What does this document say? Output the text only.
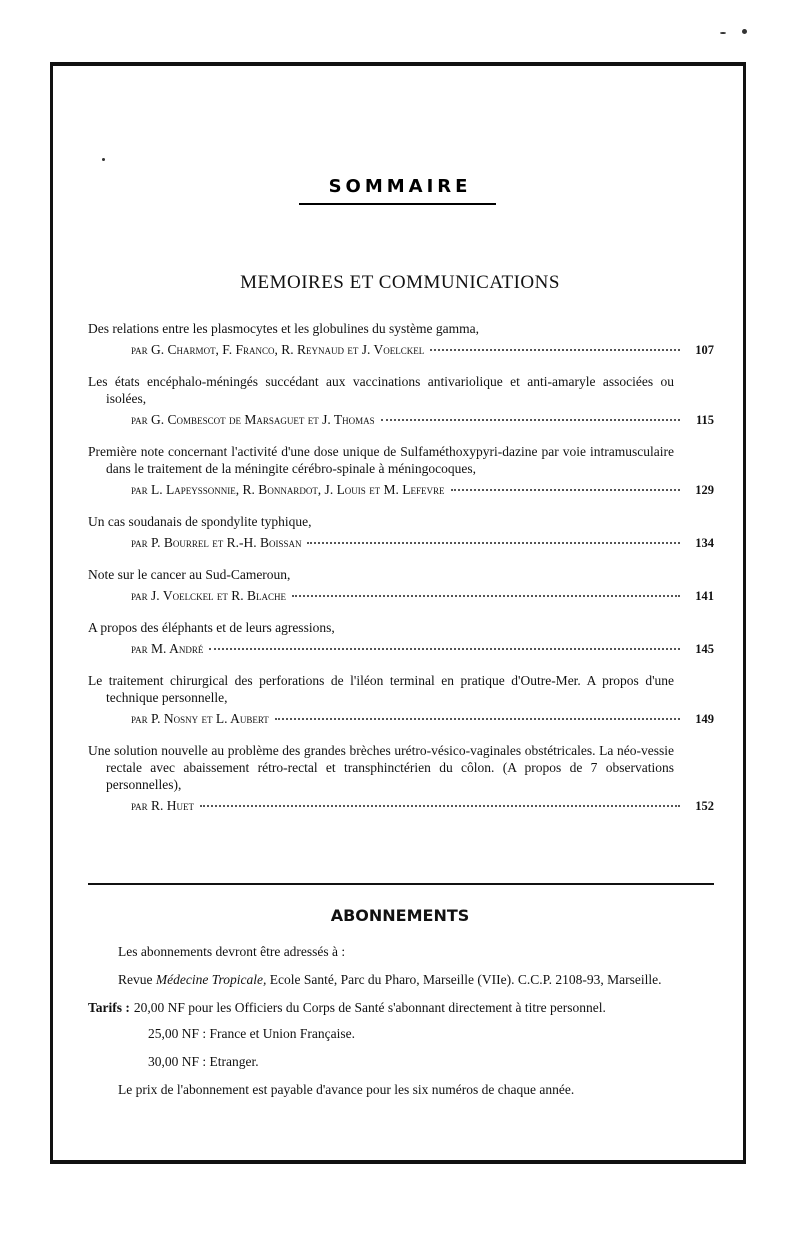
SOMMAIRE
MEMOIRES ET COMMUNICATIONS
Des relations entre les plasmocytes et les globulines du système gamma,
par G. Charmot, F. Franco, R. Reynaud et J. Voelckel	107
Les états encéphalo-méningés succédant aux vaccinations antivariolique et anti-amaryle associées ou isolées,
par G. Combescot de Marsaguet et J. Thomas	115
Première note concernant l'activité d'une dose unique de Sulfaméthoxypyri-dazine par voie intramusculaire dans le traitement de la méningite cérébro-spinale à méningocoques,
par L. Lapeyssonnie, R. Bonnardot, J. Louis et M. Lefevre	129
Un cas soudanais de spondylite typhique,
par P. Bourrel et R.-H. Boissan	134
Note sur le cancer au Sud-Cameroun,
par J. Voelckel et R. Blache	141
A propos des éléphants et de leurs agressions,
par M. André	145
Le traitement chirurgical des perforations de l'iléon terminal en pratique d'Outre-Mer. A propos d'une technique personnelle,
par P. Nosny et L. Aubert	149
Une solution nouvelle au problème des grandes brèches urétro-vésico-vaginales obstétricales. La néo-vessie rectale avec abaissement rétro-rectal et transphinctérien du côlon. (A propos de 7 observations personnelles),
par R. Huet	152
ABONNEMENTS

Les abonnements devront être adressés à :

Revue Médecine Tropicale, Ecole Santé, Parc du Pharo, Marseille (VIIe). C.C.P. 2108-93, Marseille.

Tarifs : 20,00 NF pour les Officiers du Corps de Santé s'abonnant directement à titre personnel.

25,00 NF : France et Union Française.

30,00 NF : Etranger.

Le prix de l'abonnement est payable d'avance pour les six numéros de chaque année.
